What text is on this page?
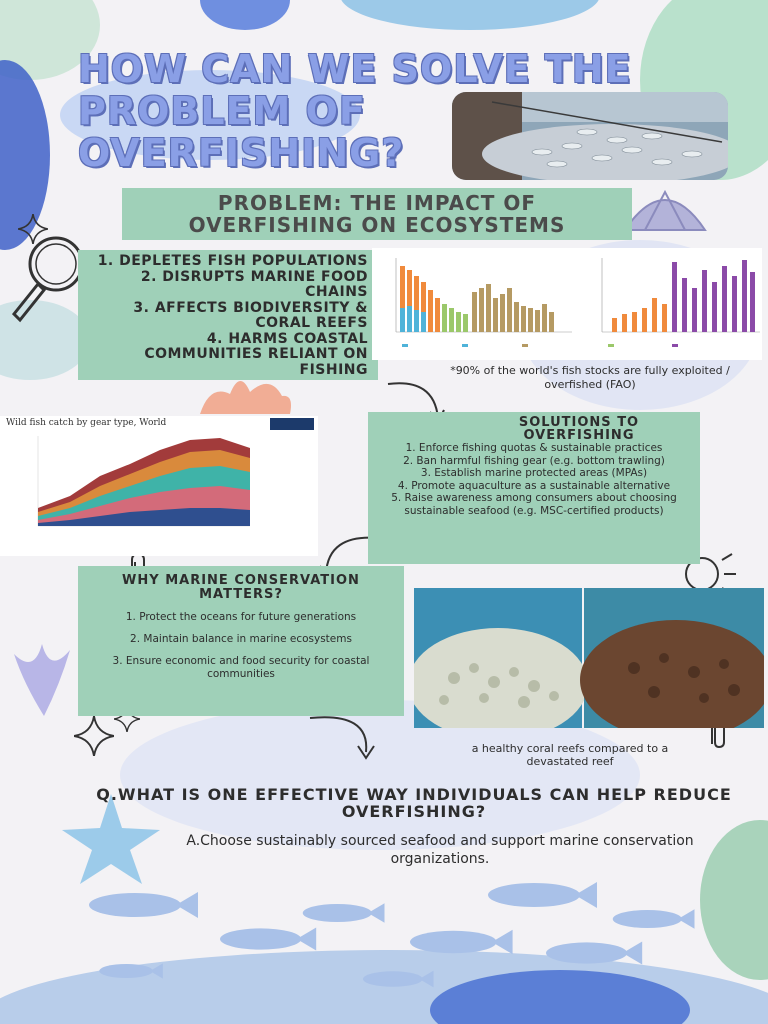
HOW CAN WE SOLVE THE
PROBLEM OF
OVERFISHING?
PROBLEM: THE IMPACT OF
OVERFISHING ON ECOSYSTEMS
1. DEPLETES FISH POPULATIONS
2. DISRUPTS MARINE FOOD CHAINS
3. AFFECTS BIODIVERSITY & CORAL REEFS
4. HARMS COASTAL COMMUNITIES RELIANT ON FISHING	*90% of the world's fish stocks are fully exploited / overfished (FAO)
Wild fish catch by gear type, World	SOLUTIONS TO OVERFISHING
1. Enforce fishing quotas & sustainable practices
2. Ban harmful fishing gear (e.g. bottom trawling)
3. Establish marine protected areas (MPAs)
4. Promote aquaculture as a sustainable alternative
5. Raise awareness among consumers about choosing sustainable seafood (e.g. MSC-certified products)
WHY MARINE CONSERVATION MATTERS?
1. Protect the oceans for future generations
2. Maintain balance in marine ecosystems
3. Ensure economic and food security for coastal communities
a healthy coral reefs compared to a devastated reef
Q.WHAT IS ONE EFFECTIVE WAY INDIVIDUALS CAN HELP REDUCE OVERFISHING?
A.Choose sustainably sourced seafood and support marine conservation organizations.
